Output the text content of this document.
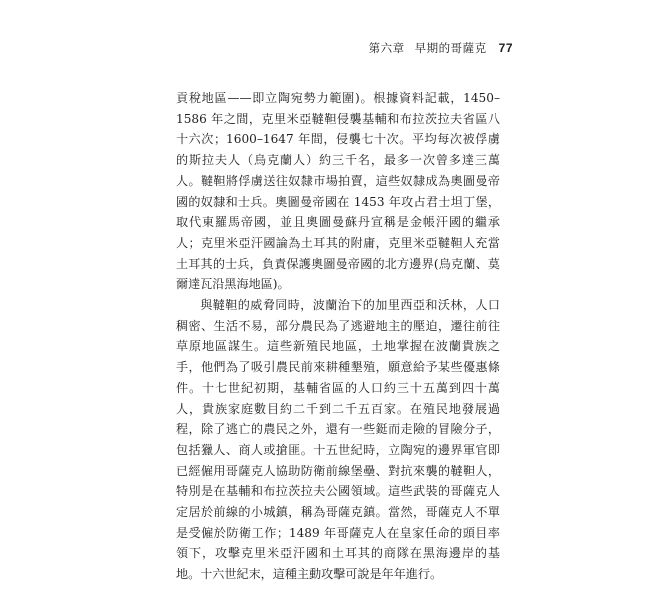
第六章 早期的哥薩克 77

貢稅地區——即立陶宛勢力範圍)。根據資料記載，1450–1586 年之間，克里米亞韃靼侵襲基輔和布拉茨拉夫省區八十六次；1600–1647 年間，侵襲七十次。平均每次被俘虜的斯拉夫人（烏克蘭人）約三千名，最多一次曾多達三萬人。韃靼將俘虜送往奴隸市場拍賣，這些奴隸成為奧圖曼帝國的奴隸和士兵。奧圖曼帝國在 1453 年攻占君士坦丁堡，取代東羅馬帝國，並且奧圖曼蘇丹宣稱是金帳汗國的繼承人；克里米亞汗國論為土耳其的附庸，克里米亞韃靼人充當土耳其的士兵，負責保護奧圖曼帝國的北方邊界(烏克蘭、莫爾達瓦沿黑海地區)。

與韃靼的威脅同時，波蘭治下的加里西亞和沃林，人口稠密、生活不易，部分農民為了逃避地主的壓迫，遷往前往草原地區謀生。這些新殖民地區，土地掌握在波蘭貴族之手，他們為了吸引農民前來耕種墾殖，願意給予某些優惠條件。十七世紀初期，基輔省區的人口約三十五萬到四十萬人，貴族家庭數目約二千到二千五百家。在殖民地發展過程，除了逃亡的農民之外，還有一些鋌而走險的冒險分子，包括獵人、商人或搶匪。十五世紀時，立陶宛的邊界軍官即已經僱用哥薩克人協助防衛前線堡壘、對抗來襲的韃靼人，特別是在基輔和布拉茨拉夫公國領域。這些武裝的哥薩克人定居於前線的小城鎮，稱為哥薩克鎮。當然，哥薩克人不單是受僱於防衛工作；1489 年哥薩克人在皇家任命的頭目率領下，攻擊克里米亞汗國和土耳其的商隊在黑海邊岸的基地。十六世紀末，這種主動攻擊可說是年年進行。
